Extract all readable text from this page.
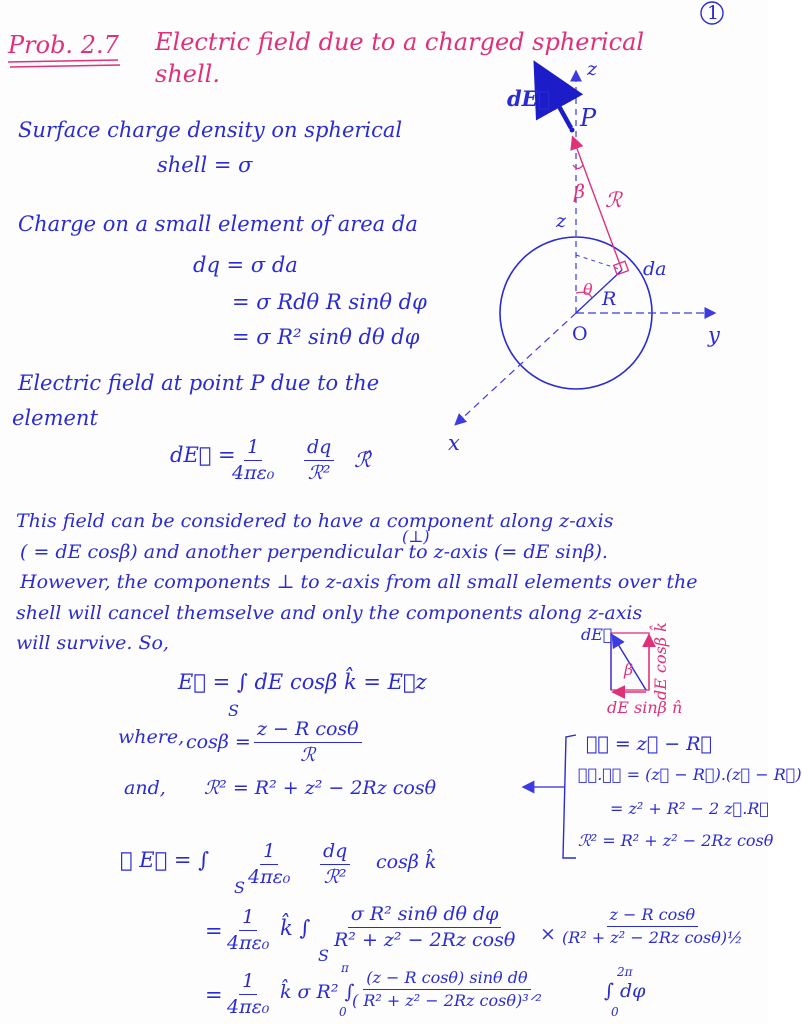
1
Prob. 2.7 Electric field due to a charged spherical
shell.	z
dE⃗
P
β ℛ
z
da
θ R
O	y
x
Surface charge density on spherical
shell = σ
Charge on a small element of area da
dq = σ da
= σ Rdθ R sinθ dφ
= σ R² sinθ dθ dφ
Electric field at point P due to the
element
dE⃗ =
$\frac{1}{\text{4πε₀}}$ dq
ℛ²
ℛ̂
This field can be considered to have a component along z-axis
( = dE cosβ) and another perpendicular to z-axis (= dE sinβ).
(⊥)
However, the components ⊥ to z-axis from all small elements over the
shell will cancel themselve and only the components along z-axis
will survive. So,	dE⃗
β dE cosβ k̂
dE sinβ n̂
E⃗ = ∫ dE cosβ k̂ = E⃗z
S
where, cosβ =
z − R cosθ
ℛ
and, ℛ² = R² + z² − 2Rz cosθ
ℛ⃗ = z⃗ − R⃗
ℛ⃗.ℛ⃗ = (z⃗ − R⃗).(z⃗ − R⃗)
= z² + R² − 2 z⃗.R⃗
ℛ² = R² + z² − 2Rz cosθ
∴ E⃗ = ∫
S $\frac{1}{\text{4πε₀}}$ dq
ℛ²
cosβ k̂
= $\frac{1}{\text{4πε₀}}$ k̂ ∫
S
$\frac{\text{σ R² sinθ dθ dφ}}{\text{R² + z² − 2Rz cosθ}} \times \frac{\text{z − R cosθ}}{\text{(R² + z² − 2Rz cosθ)½}}$
= $\frac{1}{\text{4πε₀}}$ k̂ σ R² ∫
π
0
(z − R cosθ) sinθ dθ
( R² + z² − 2Rz cosθ)³ᐟ²	∫ dφ
2π
0
